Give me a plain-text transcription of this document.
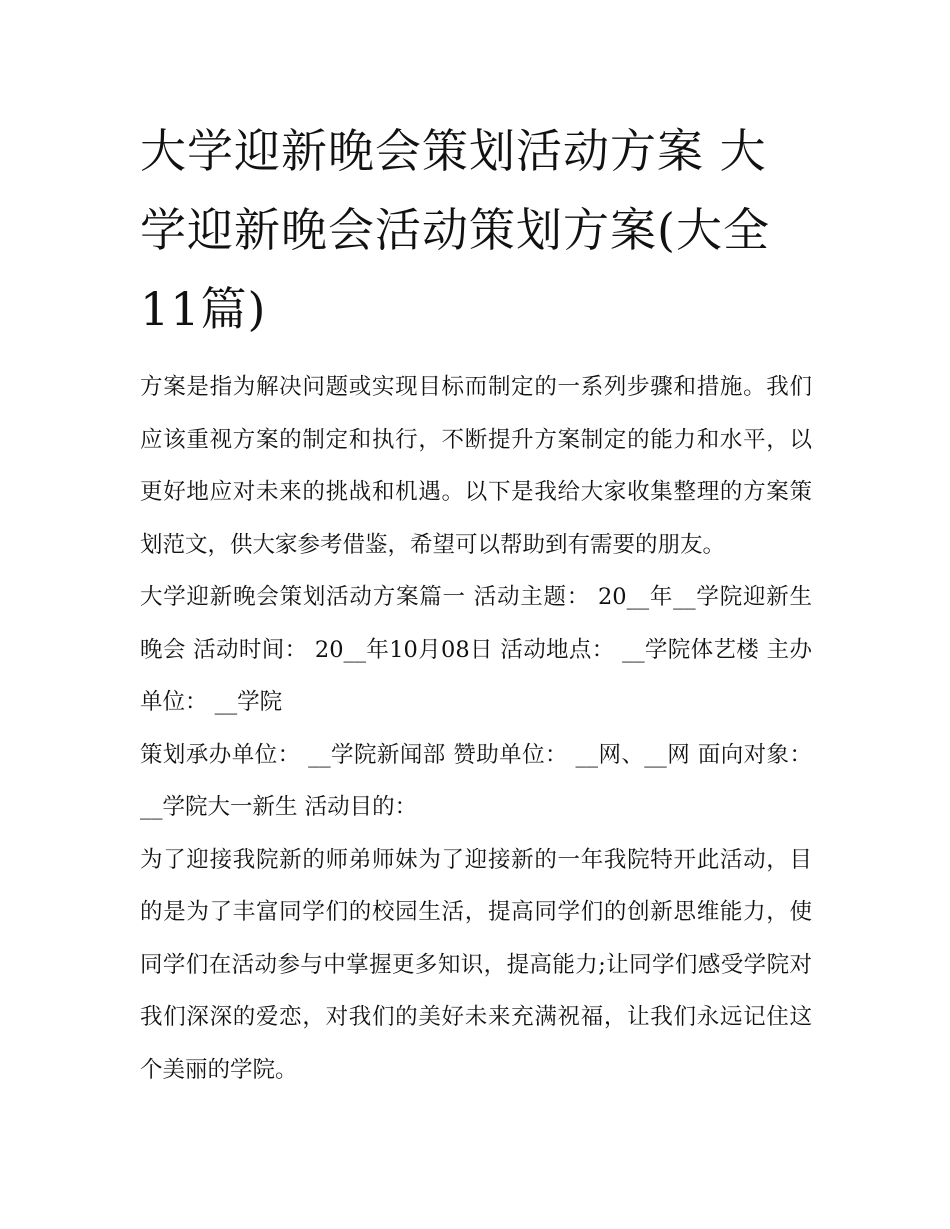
大学迎新晚会策划活动方案 大学迎新晚会活动策划方案(大全11篇)

方案是指为解决问题或实现目标而制定的一系列步骤和措施。我们应该重视方案的制定和执行，不断提升方案制定的能力和水平，以更好地应对未来的挑战和机遇。以下是我给大家收集整理的方案策划范文，供大家参考借鉴，希望可以帮助到有需要的朋友。

大学迎新晚会策划活动方案篇一 活动主题： 20__年__学院迎新生晚会 活动时间： 20__年10月08日 活动地点： __学院体艺楼 主办单位： __学院

策划承办单位： __学院新闻部 赞助单位： __网、__网 面向对象： __学院大一新生 活动目的：

为了迎接我院新的师弟师妹为了迎接新的一年我院特开此活动，目的是为了丰富同学们的校园生活，提高同学们的创新思维能力，使同学们在活动参与中掌握更多知识，提高能力;让同学们感受学院对我们深深的爱恋，对我们的美好未来充满祝福，让我们永远记住这个美丽的学院。
